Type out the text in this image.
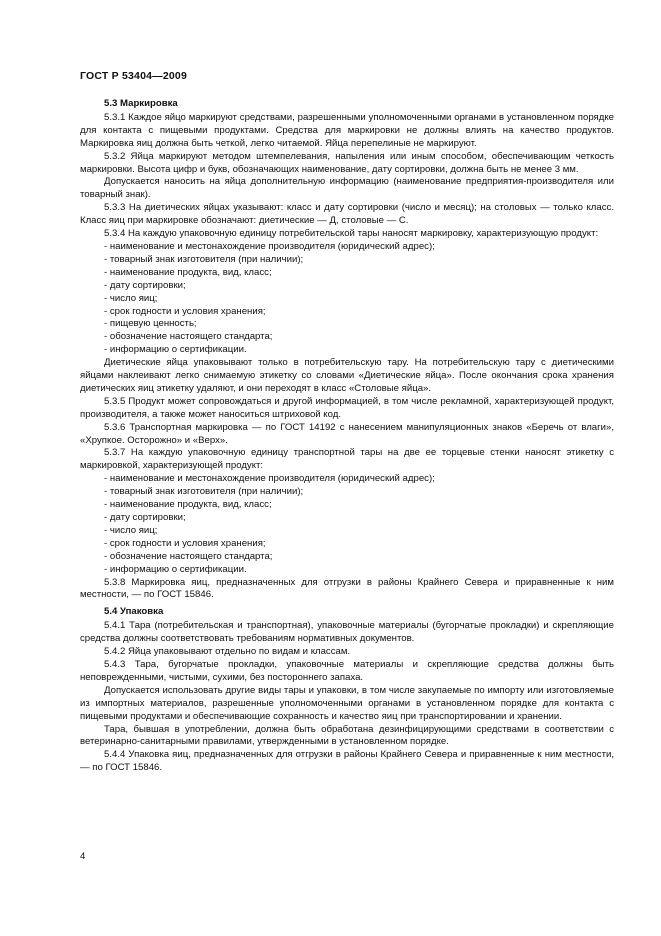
ГОСТ Р 53404—2009
5.3 Маркировка

5.3.1 Каждое яйцо маркируют средствами, разрешенными уполномоченными органами в установленном порядке для контакта с пищевыми продуктами. Средства для маркировки не должны влиять на качество продуктов. Маркировка яиц должна быть четкой, легко читаемой. Яйца перепелиные не маркируют.

5.3.2 Яйца маркируют методом штемпелевания, напыления или иным способом, обеспечивающим четкость маркировки. Высота цифр и букв, обозначающих наименование, дату сортировки, должна быть не менее 3 мм.

Допускается наносить на яйца дополнительную информацию (наименование предприятия-производителя или товарный знак).

5.3.3 На диетических яйцах указывают: класс и дату сортировки (число и месяц); на столовых — только класс. Класс яиц при маркировке обозначают: диетические — Д, столовые — С.

5.3.4 На каждую упаковочную единицу потребительской тары наносят маркировку, характеризующую продукт:

- наименование и местонахождение производителя (юридический адрес);
- товарный знак изготовителя (при наличии);
- наименование продукта, вид, класс;
- дату сортировки;
- число яиц;
- срок годности и условия хранения;
- пищевую ценность;
- обозначение настоящего стандарта;
- информацию о сертификации.

Диетические яйца упаковывают только в потребительскую тару. На потребительскую тару с диетическими яйцами наклеивают легко снимаемую этикетку со словами «Диетические яйца». После окончания срока хранения диетических яиц этикетку удаляют, и они переходят в класс «Столовые яйца».

5.3.5 Продукт может сопровождаться и другой информацией, в том числе рекламной, характеризующей продукт, производителя, а также может наноситься штриховой код.

5.3.6 Транспортная маркировка — по ГОСТ 14192 с нанесением манипуляционных знаков «Беречь от влаги», «Хрупкое. Осторожно» и «Верх».

5.3.7 На каждую упаковочную единицу транспортной тары на две ее торцевые стенки наносят этикетку с маркировкой, характеризующей продукт:

- наименование и местонахождение производителя (юридический адрес);
- товарный знак изготовителя (при наличии);
- наименование продукта, вид, класс;
- дату сортировки;
- число яиц;
- срок годности и условия хранения;
- обозначение настоящего стандарта;
- информацию о сертификации.

5.3.8 Маркировка яиц, предназначенных для отгрузки в районы Крайнего Севера и приравненные к ним местности, — по ГОСТ 15846.

5.4 Упаковка

5.4.1 Тара (потребительская и транспортная), упаковочные материалы (бугорчатые прокладки) и скрепляющие средства должны соответствовать требованиям нормативных документов.

5.4.2 Яйца упаковывают отдельно по видам и классам.

5.4.3 Тара, бугорчатые прокладки, упаковочные материалы и скрепляющие средства должны быть неповрежденными, чистыми, сухими, без постороннего запаха.

Допускается использовать другие виды тары и упаковки, в том числе закупаемые по импорту или изготовляемые из импортных материалов, разрешенные уполномоченными органами в установленном порядке для контакта с пищевыми продуктами и обеспечивающие сохранность и качество яиц при транспортировании и хранении.

Тара, бывшая в употреблении, должна быть обработана дезинфицирующими средствами в соответствии с ветеринарно-санитарными правилами, утвержденными в установленном порядке.

5.4.4 Упаковка яиц, предназначенных для отгрузки в районы Крайнего Севера и приравненные к ним местности, — по ГОСТ 15846.

4
